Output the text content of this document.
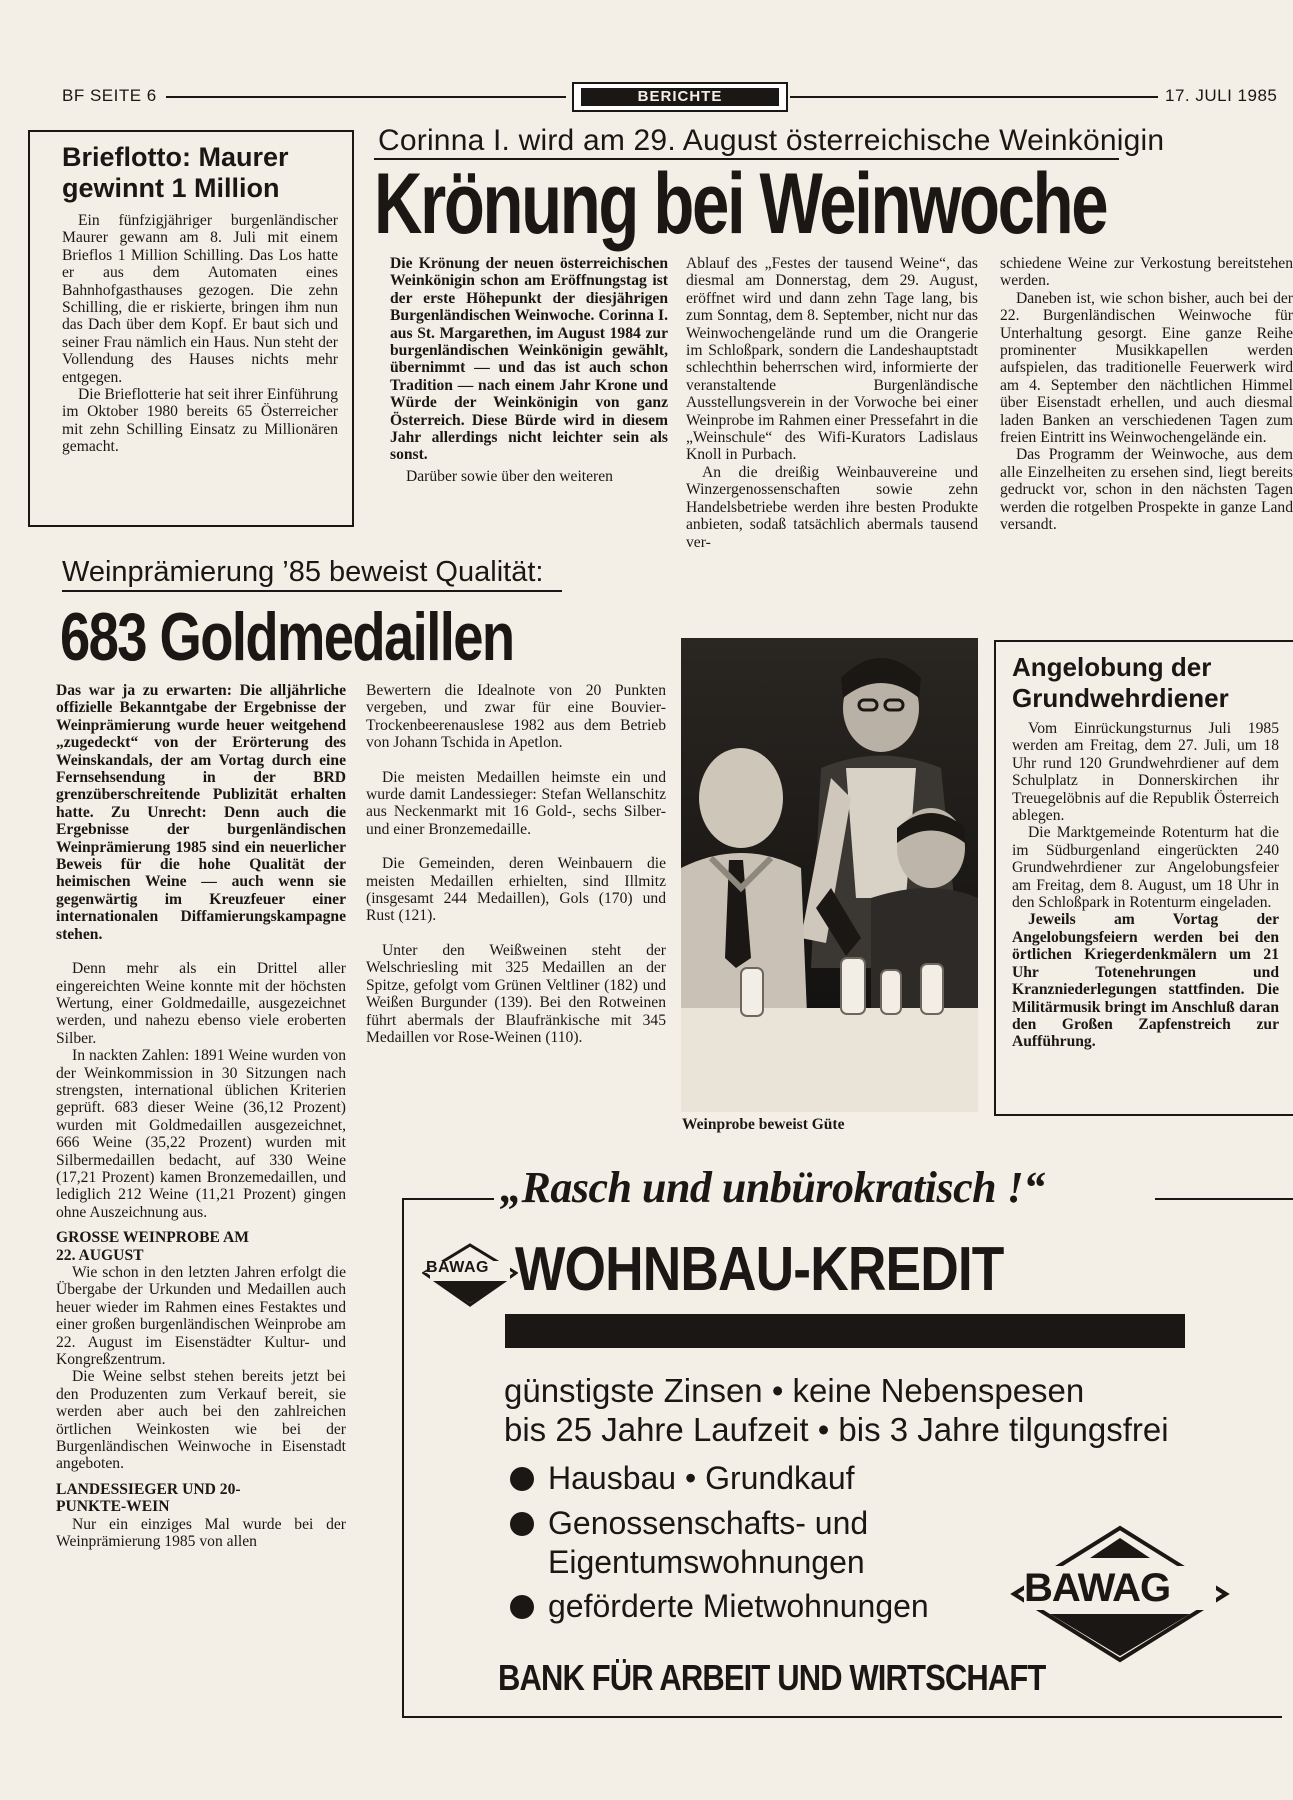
BF SEITE 6	BERICHTE	17. JULI 1985
Brieflotto: Maurer gewinnt 1 Million

Ein fünfzigjähriger burgenländischer Maurer gewann am 8. Juli mit einem Brieflos 1 Million Schilling. Das Los hatte er aus dem Automaten eines Bahnhofgasthauses gezogen. Die zehn Schilling, die er riskierte, bringen ihm nun das Dach über dem Kopf. Er baut sich und seiner Frau nämlich ein Haus. Nun steht der Vollendung des Hauses nichts mehr entgegen.

Die Brieflotterie hat seit ihrer Einführung im Oktober 1980 bereits 65 Österreicher mit zehn Schilling Einsatz zu Millionären gemacht.

Corinna I. wird am 29. August österreichische Weinkönigin
Krönung bei Weinwoche

Die Krönung der neuen österreichischen Weinkönigin schon am Eröffnungstag ist der erste Höhepunkt der diesjährigen Burgenländischen Weinwoche. Corinna I. aus St. Margarethen, im August 1984 zur burgenländischen Weinkönigin gewählt, übernimmt — und das ist auch schon Tradition — nach einem Jahr Krone und Würde der Weinkönigin von ganz Österreich. Diese Bürde wird in diesem Jahr allerdings nicht leichter sein als sonst.

Darüber sowie über den weiteren

Ablauf des „Festes der tausend Weine“, das diesmal am Donnerstag, dem 29. August, eröffnet wird und dann zehn Tage lang, bis zum Sonntag, dem 8. September, nicht nur das Weinwochengelände rund um die Orangerie im Schloßpark, sondern die Landeshauptstadt schlechthin beherrschen wird, informierte der veranstaltende Burgenländische Ausstellungsverein in der Vorwoche bei einer Weinprobe im Rahmen einer Pressefahrt in die „Weinschule“ des Wifi-Kurators Ladislaus Knoll in Purbach.

An die dreißig Weinbauvereine und Winzergenossenschaften sowie zehn Handelsbetriebe werden ihre besten Produkte anbieten, sodaß tatsächlich abermals tausend ver-

schiedene Weine zur Verkostung bereitstehen werden.

Daneben ist, wie schon bisher, auch bei der 22. Burgenländischen Weinwoche für Unterhaltung gesorgt. Eine ganze Reihe prominenter Musikkapellen werden aufspielen, das traditionelle Feuerwerk wird am 4. September den nächtlichen Himmel über Eisenstadt erhellen, und auch diesmal laden Banken an verschiedenen Tagen zum freien Eintritt ins Weinwochengelände ein.

Das Programm der Weinwoche, aus dem alle Einzelheiten zu ersehen sind, liegt bereits gedruckt vor, schon in den nächsten Tagen werden die rotgelben Prospekte in ganze Land versandt.

Weinprämierung ’85 beweist Qualität:
683 Goldmedaillen

Das war ja zu erwarten: Die alljährliche offizielle Bekanntgabe der Ergebnisse der Weinprämierung wurde heuer weitgehend „zugedeckt“ von der Erörterung des Weinskandals, der am Vortag durch eine Fernsehsendung in der BRD grenzüberschreitende Publizität erhalten hatte. Zu Unrecht: Denn auch die Ergebnisse der burgenländischen Weinprämierung 1985 sind ein neuerlicher Beweis für die hohe Qualität der heimischen Weine — auch wenn sie gegenwärtig im Kreuzfeuer einer internationalen Diffamierungskampagne stehen.

Denn mehr als ein Drittel aller eingereichten Weine konnte mit der höchsten Wertung, einer Goldmedaille, ausgezeichnet werden, und nahezu ebenso viele eroberten Silber.

In nackten Zahlen: 1891 Weine wurden von der Weinkommission in 30 Sitzungen nach strengsten, international üblichen Kriterien geprüft. 683 dieser Weine (36,12 Prozent) wurden mit Goldmedaillen ausgezeichnet, 666 Weine (35,22 Prozent) wurden mit Silbermedaillen bedacht, auf 330 Weine (17,21 Prozent) kamen Bronzemedaillen, und lediglich 212 Weine (11,21 Prozent) gingen ohne Auszeichnung aus.

GROSSE WEINPROBE AM 22. AUGUST

Wie schon in den letzten Jahren erfolgt die Übergabe der Urkunden und Medaillen auch heuer wieder im Rahmen eines Festaktes und einer großen burgenländischen Weinprobe am 22. August im Eisenstädter Kultur- und Kongreßzentrum.

Die Weine selbst stehen bereits jetzt bei den Produzenten zum Verkauf bereit, sie werden aber auch bei den zahlreichen örtlichen Weinkosten wie bei der Burgenländischen Weinwoche in Eisenstadt angeboten.

LANDESSIEGER UND 20-PUNKTE-WEIN

Nur ein einziges Mal wurde bei der Weinprämierung 1985 von allen

Bewertern die Idealnote von 20 Punkten vergeben, und zwar für eine Bouvier-Trockenbeerenauslese 1982 aus dem Betrieb von Johann Tschida in Apetlon.

Die meisten Medaillen heimste ein und wurde damit Landessieger: Stefan Wellanschitz aus Neckenmarkt mit 16 Gold-, sechs Silber- und einer Bronzemedaille.

Die Gemeinden, deren Weinbauern die meisten Medaillen erhielten, sind Illmitz (insgesamt 244 Medaillen), Gols (170) und Rust (121).

Unter den Weißweinen steht der Welschriesling mit 325 Medaillen an der Spitze, gefolgt vom Grünen Veltliner (182) und Weißen Burgunder (139). Bei den Rotweinen führt abermals der Blaufränkische mit 345 Medaillen vor Rose-Weinen (110).

Weinprobe beweist Güte
Angelobung der Grundwehrdiener

Vom Einrückungsturnus Juli 1985 werden am Freitag, dem 27. Juli, um 18 Uhr rund 120 Grundwehrdiener auf dem Schulplatz in Donnerskirchen ihr Treuegelöbnis auf die Republik Österreich ablegen.

Die Marktgemeinde Rotenturm hat die im Südburgenland eingerückten 240 Grundwehrdiener zur Angelobungsfeier am Freitag, dem 8. August, um 18 Uhr in den Schloßpark in Rotenturm eingeladen.

Jeweils am Vortag der Angelobungsfeiern werden bei den örtlichen Kriegerdenkmälern um 21 Uhr Totenehrungen und Kranzniederlegungen stattfinden. Die Militärmusik bringt im Anschluß daran den Großen Zapfenstreich zur Aufführung.

„Rasch und unbürokratisch !“
BAWAG WOHNBAU-KREDIT
günstigste Zinsen • keine Nebenspesen
bis 25 Jahre Laufzeit • bis 3 Jahre tilgungsfrei
Hausbau • Grundkauf
Genossenschafts- und
Eigentumswohnungen
geförderte Mietwohnungen BAWAG
BANK FÜR ARBEIT UND WIRTSCHAFT
